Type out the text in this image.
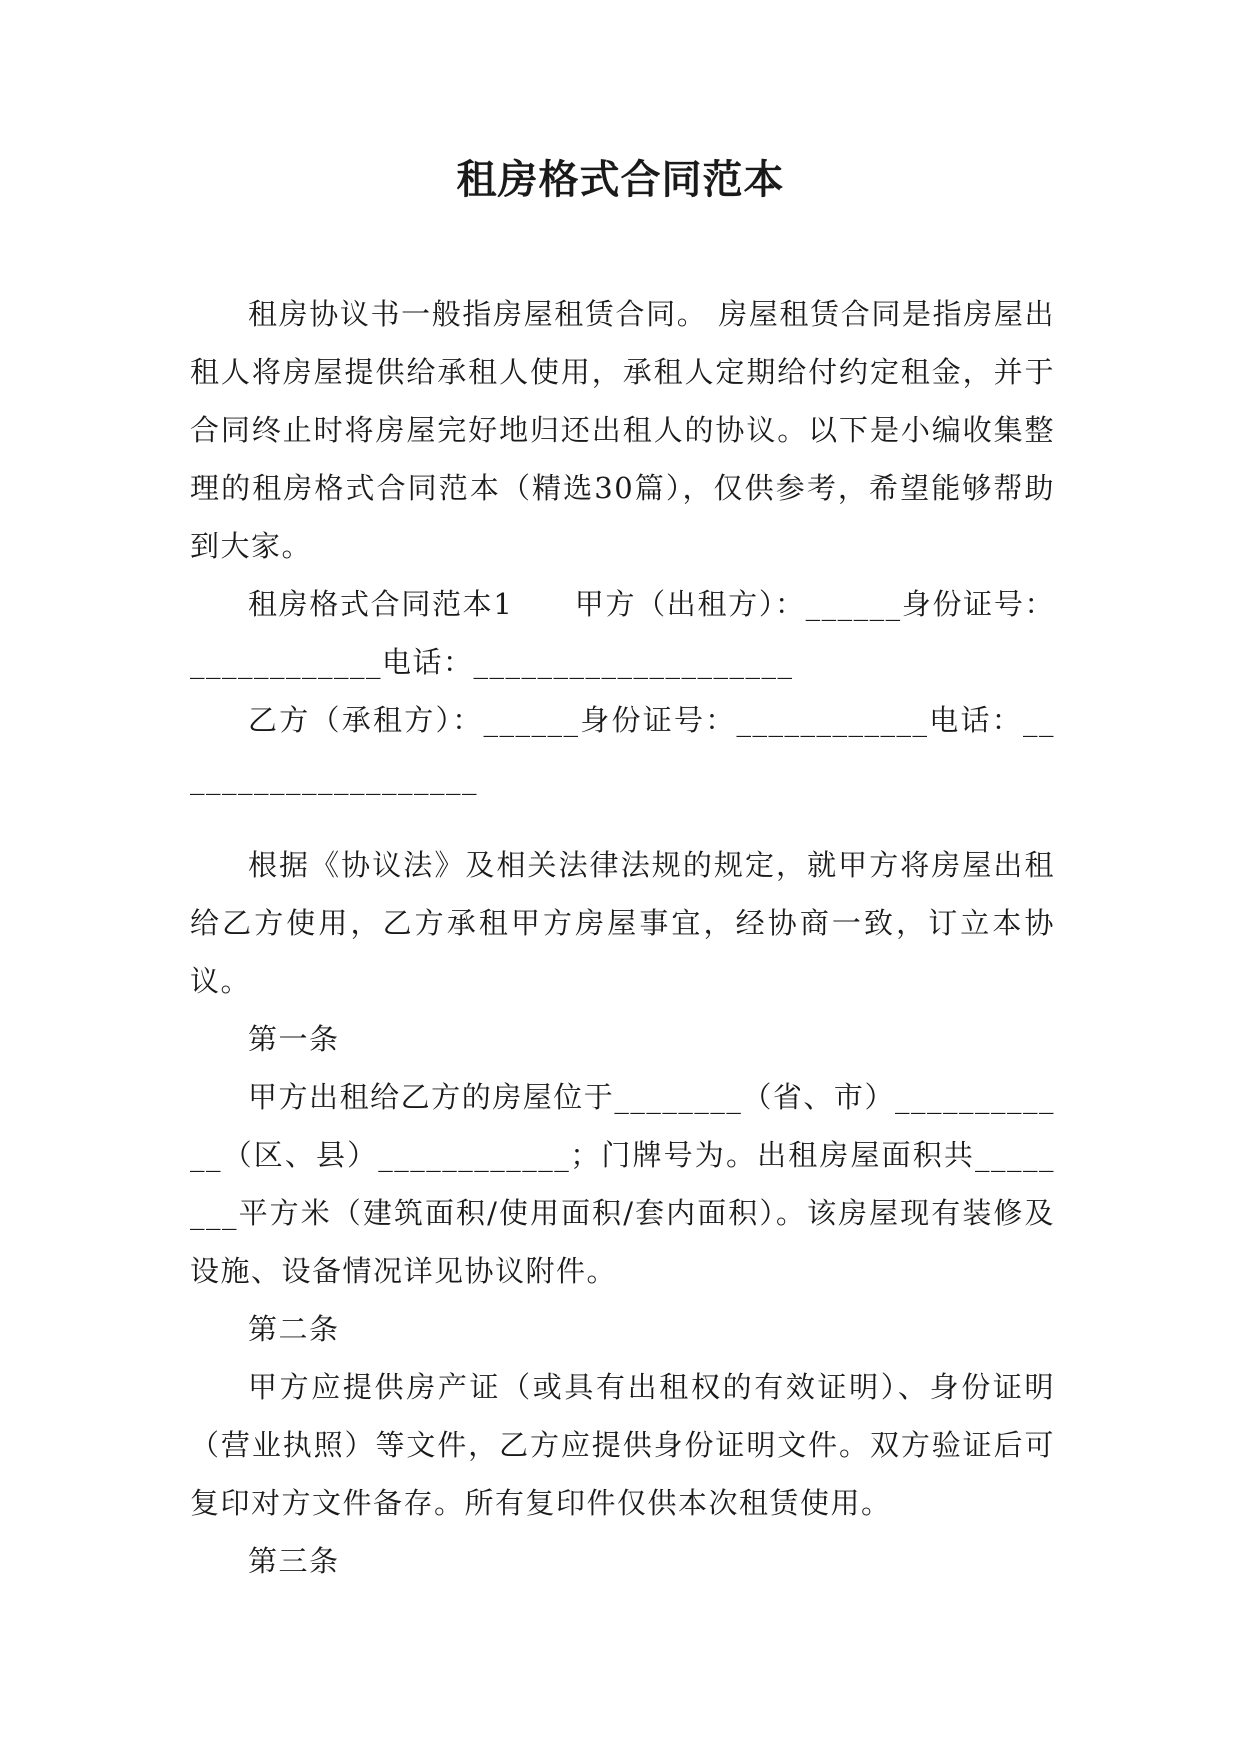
租房格式合同范本

租房协议书一般指房屋租赁合同。 房屋租赁合同是指房屋出租人将房屋提供给承租人使用，承租人定期给付约定租金，并于合同终止时将房屋完好地归还出租人的协议。以下是小编收集整理的租房格式合同范本（精选30篇），仅供参考，希望能够帮助到大家。

租房格式合同范本1　　甲方（出租方）：______身份证号：____________电话：____________________

乙方（承租方）：______身份证号：____________电话：____________________

根据《协议法》及相关法律法规的规定，就甲方将房屋出租给乙方使用，乙方承租甲方房屋事宜，经协商一致，订立本协议。

第一条

甲方出租给乙方的房屋位于________（省、市）____________（区、县）____________；门牌号为。出租房屋面积共________平方米（建筑面积/使用面积/套内面积）。该房屋现有装修及设施、设备情况详见协议附件。

第二条

甲方应提供房产证（或具有出租权的有效证明）、身份证明（营业执照）等文件，乙方应提供身份证明文件。双方验证后可复印对方文件备存。所有复印件仅供本次租赁使用。

第三条
